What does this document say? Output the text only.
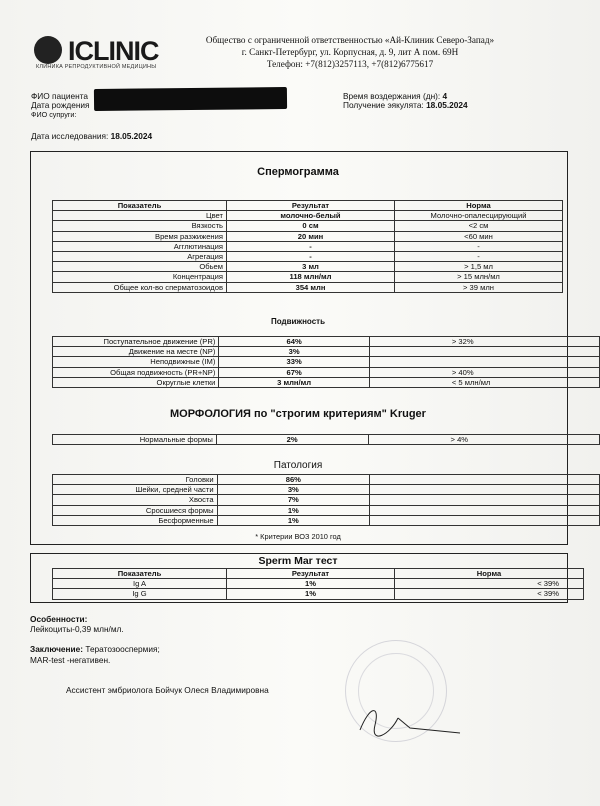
ICLINIC
КЛИНИКА РЕПРОДУКТИВНОЙ МЕДИЦИНЫ
Общество с ограниченной ответственностью «Ай-Клиник Северо-Запад»
г. Санкт-Петербург, ул. Корпусная, д. 9, лит А пом. 69Н
Телефон: +7(812)3257113, +7(812)6775617
ФИО пациента
Дата рождения
ФИО супруги:
Время воздержания (дн): 4
Получение эякулята: 18.05.2024
Дата исследования: 18.05.2024
Спермограмма
Показатель	Результат	Норма
Цвет	молочно-белый	Молочно-опалесцирующий
Вязкость	0 см	<2 см
Время разжижения	20 мин	<60 мин
Агглютинация	-	-
Агрегация	-	-
Обьем	3 мл	> 1,5 мл
Концентрация	118 млн/мл	> 15 млн/мл
Общее кол-во сперматозоидов	354 млн	> 39 млн
Подвижность
Поступательное движение (PR)	64%	> 32%
Движение на месте (NP)	3%	
Неподвижные (IM)	33%	
Общая подвижность (PR+NP)	67%	> 40%
Округлые клетки	3 млн/мл	< 5 млн/мл
МОРФОЛОГИЯ по "строгим критериям" Kruger
Нормальные формы	2%	> 4%
Патология
Головки	86%	
Шейки, средней части	3%	
Хвоста	7%	
Сросшиеся формы	1%	
Бесформенные	1%	
* Критерии ВОЗ 2010 год
Sperm Mar тест
Показатель	Результат	Норма
Ig A	1%	< 39%
Ig G	1%	< 39%
Особенности:
Лейкоциты-0,39 млн/мл.
Заключение: Тератозооспермия;
MAR-test -негативен.
Ассистент эмбриолога Бойчук Олеся Владимировна
